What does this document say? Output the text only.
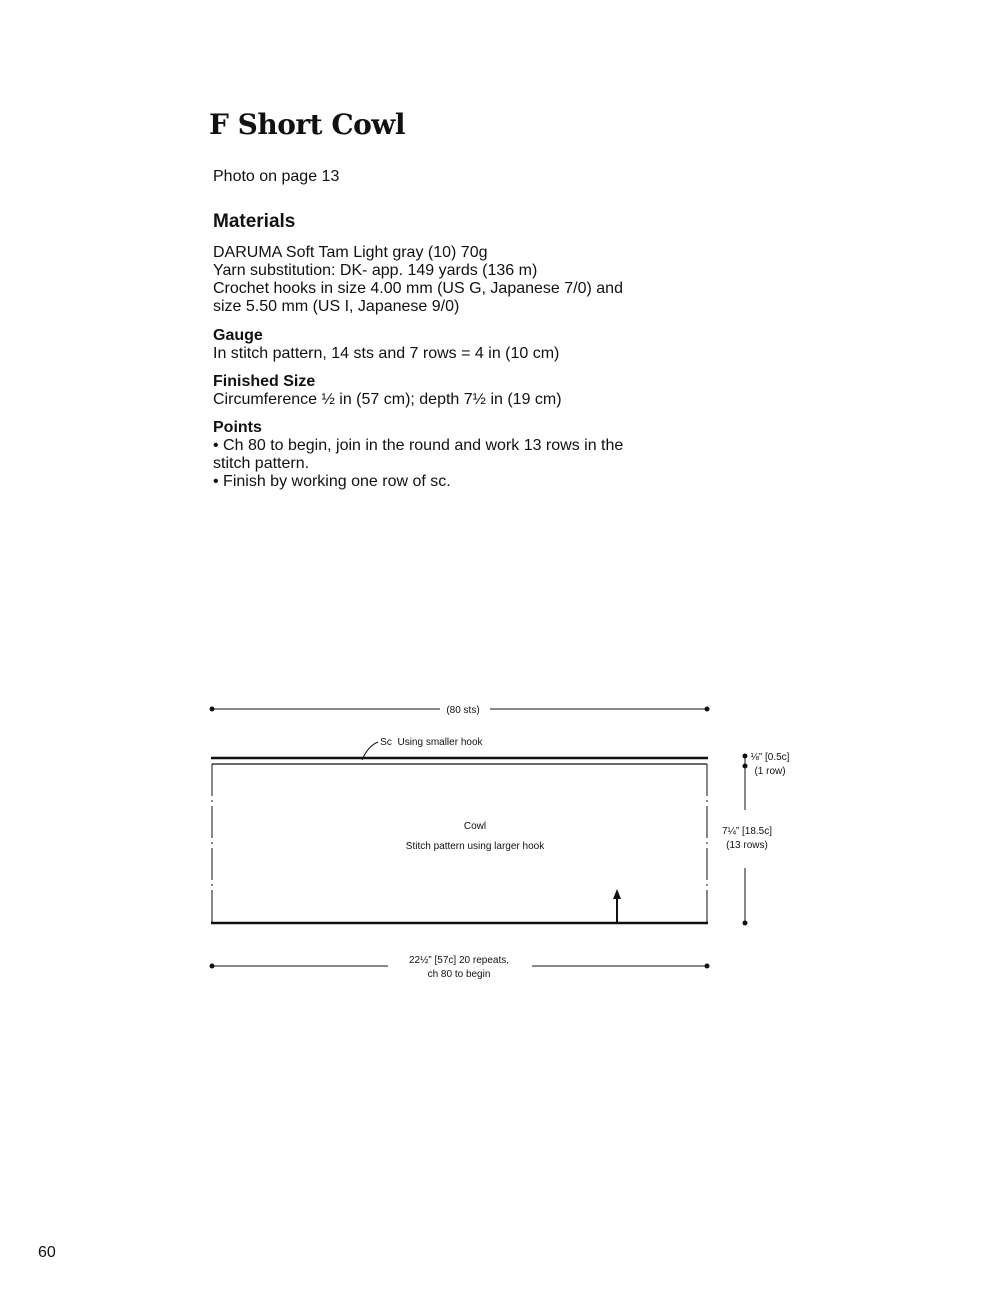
F Short Cowl
Photo on page 13
Materials
DARUMA Soft Tam Light gray (10) 70g
Yarn substitution: DK- app. 149 yards (136 m)
Crochet hooks in size 4.00 mm (US G, Japanese 7/0) and
size 5.50 mm (US I, Japanese 9/0)
Gauge
In stitch pattern, 14 sts and 7 rows = 4 in (10 cm)
Finished Size
Circumference ½ in (57 cm); depth 7½ in (19 cm)
Points
• Ch 80 to begin, join in the round and work 13 rows in the
stitch pattern.
• Finish by working one row of sc.
(80 sts)
Sc Using smaller hook
Cowl
Stitch pattern using larger hook
⅛” [0.5c]
(1 row)
7¼” [18.5c]
(13 rows)
22½” [57c] 20 repeats,
ch 80 to begin
60
